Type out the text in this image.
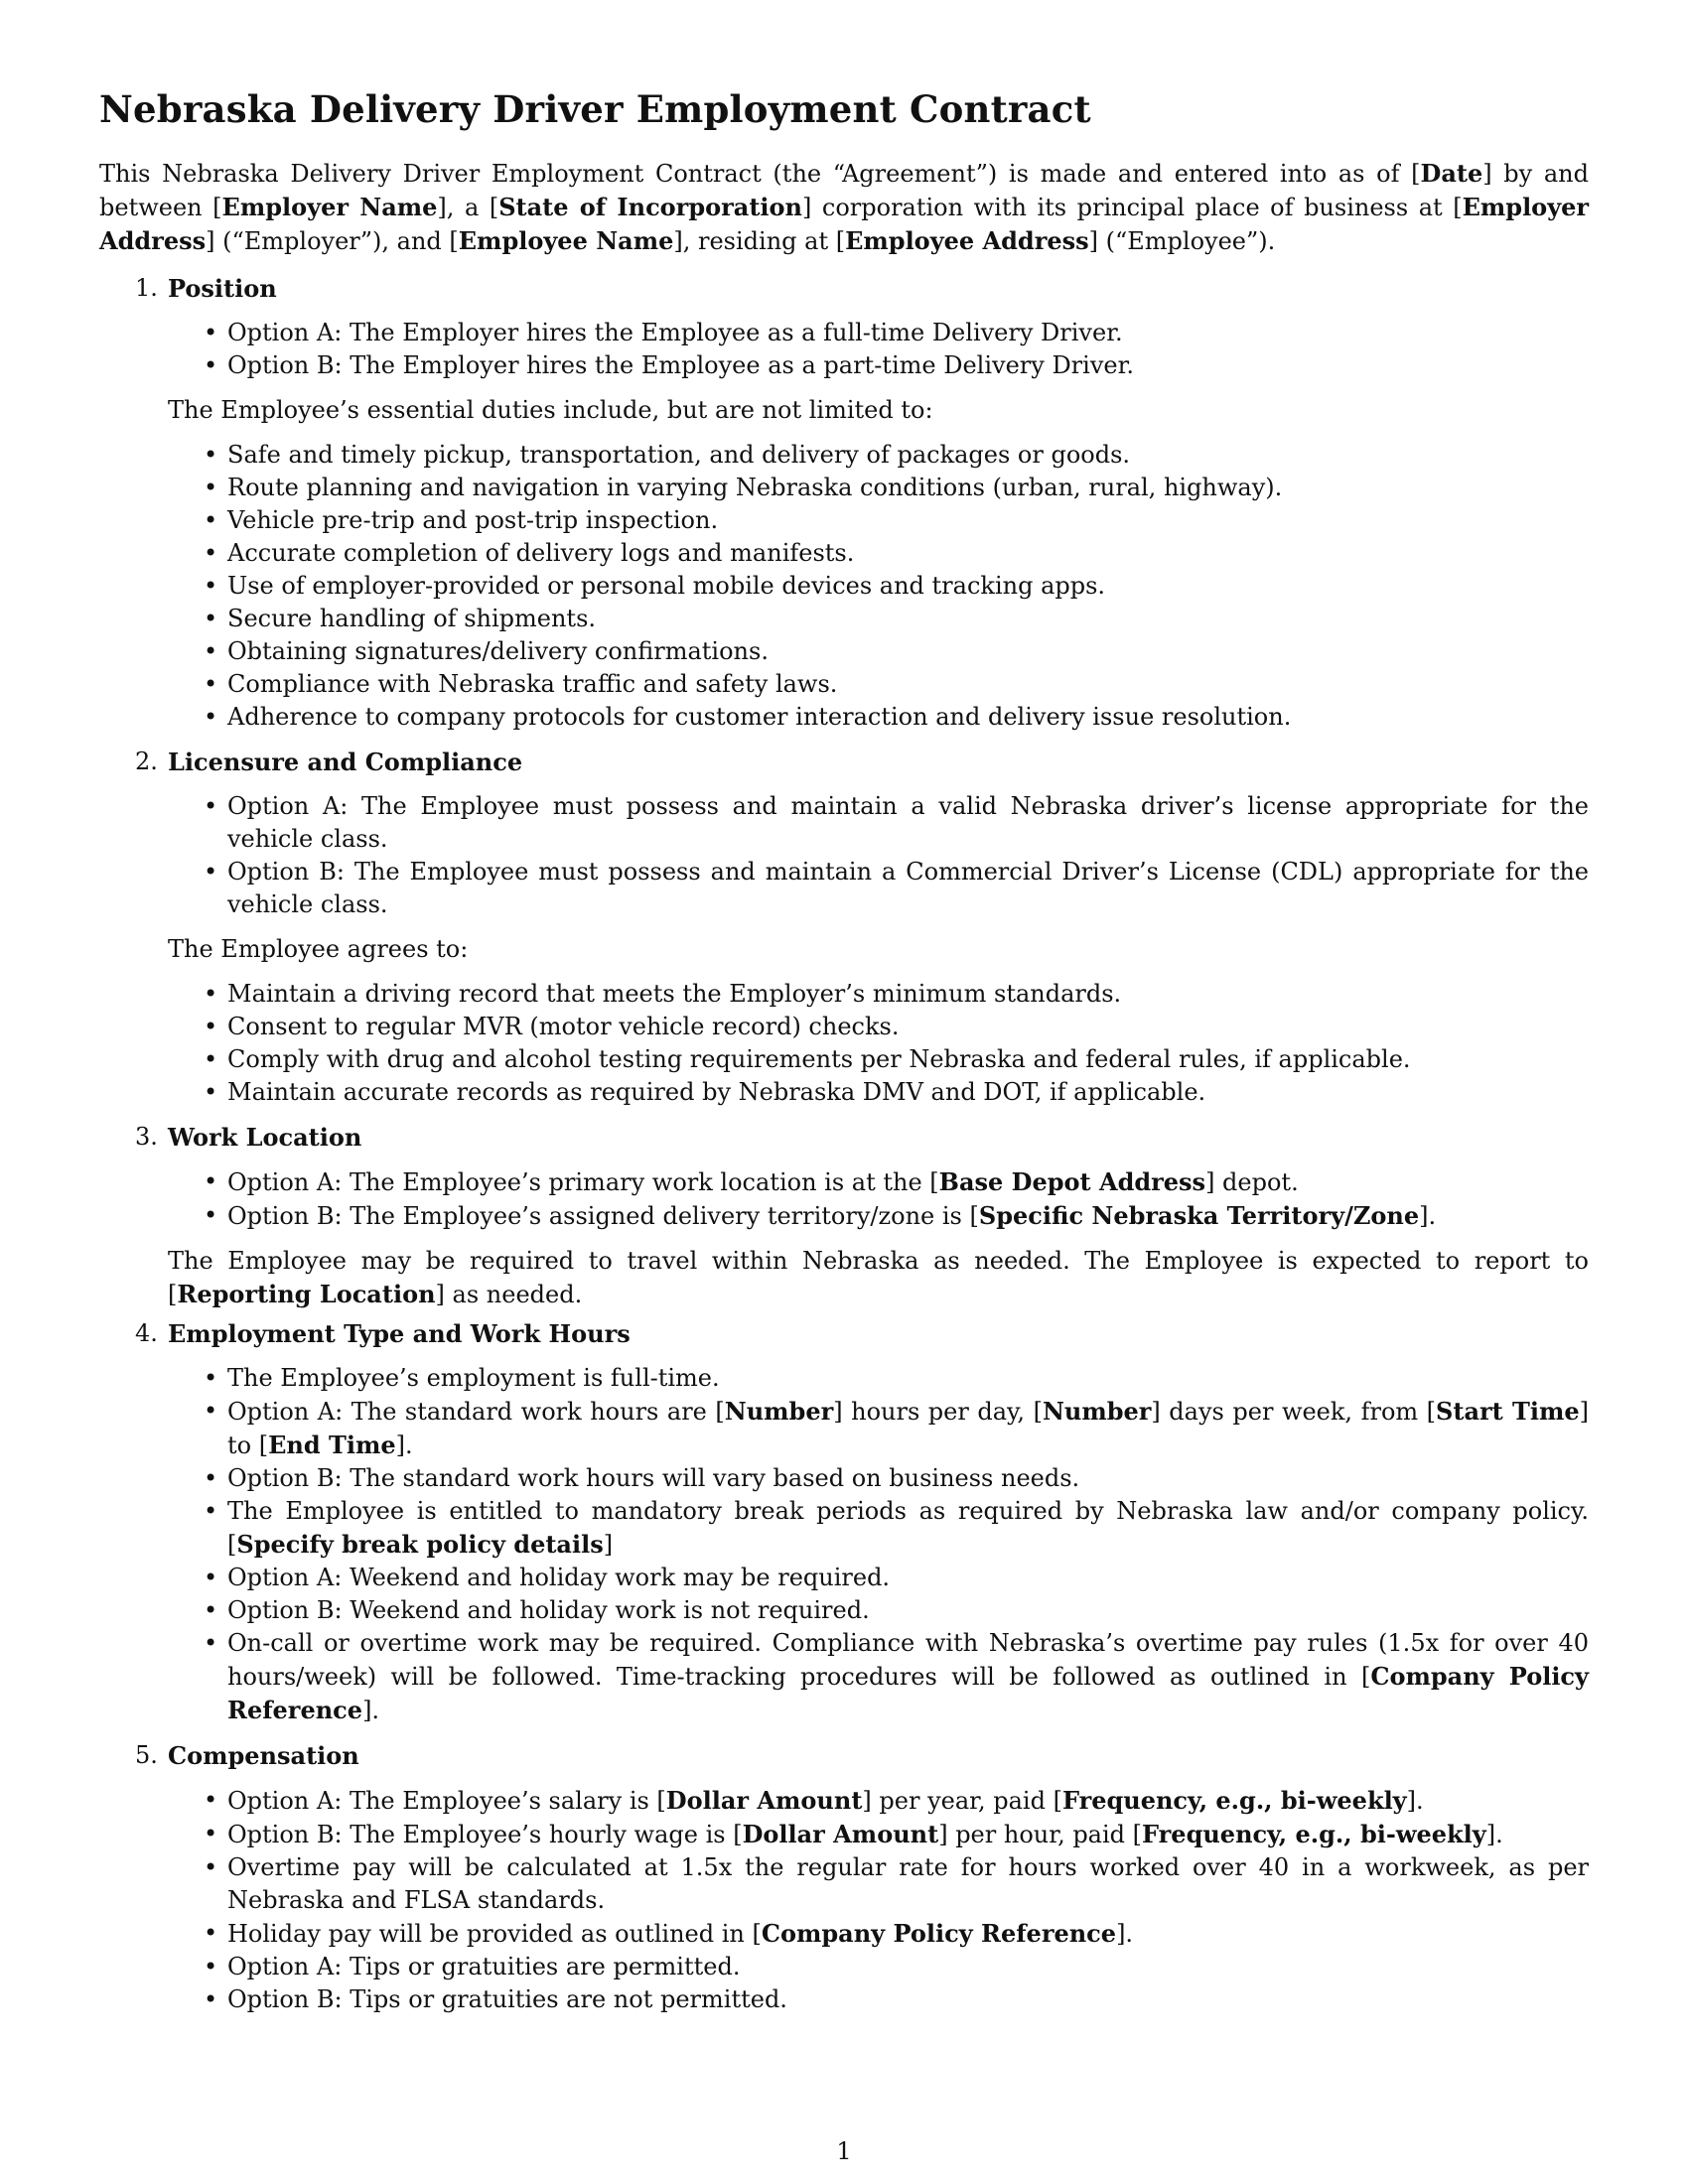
Nebraska Delivery Driver Employment Contract

This Nebraska Delivery Driver Employment Contract (the “Agreement”) is made and entered into as of [Date] by and between [Employer Name], a [State of Incorporation] corporation with its principal place of business at [Employer Address] (“Employer”), and [Employee Name], residing at [Employee Address] (“Employee”).

1. Position
• Option A: The Employer hires the Employee as a full-time Delivery Driver.
• Option B: The Employer hires the Employee as a part-time Delivery Driver.

The Employee’s essential duties include, but are not limited to:

• Safe and timely pickup, transportation, and delivery of packages or goods.
• Route planning and navigation in varying Nebraska conditions (urban, rural, highway).
• Vehicle pre-trip and post-trip inspection.
• Accurate completion of delivery logs and manifests.
• Use of employer-provided or personal mobile devices and tracking apps.
• Secure handling of shipments.
• Obtaining signatures/delivery confirmations.
• Compliance with Nebraska traffic and safety laws.
• Adherence to company protocols for customer interaction and delivery issue resolution.
2. Licensure and Compliance
• Option A: The Employee must possess and maintain a valid Nebraska driver’s license appropriate for the vehicle class.
• Option B: The Employee must possess and maintain a Commercial Driver’s License (CDL) appropriate for the vehicle class.

The Employee agrees to:

• Maintain a driving record that meets the Employer’s minimum standards.
• Consent to regular MVR (motor vehicle record) checks.
• Comply with drug and alcohol testing requirements per Nebraska and federal rules, if applicable.
• Maintain accurate records as required by Nebraska DMV and DOT, if applicable.
3. Work Location
• Option A: The Employee’s primary work location is at the [Base Depot Address] depot.
• Option B: The Employee’s assigned delivery territory/zone is [Specific Nebraska Territory/Zone].

The Employee may be required to travel within Nebraska as needed. The Employee is expected to report to [Reporting Location] as needed.

4. Employment Type and Work Hours
• The Employee’s employment is full-time.
• Option A: The standard work hours are [Number] hours per day, [Number] days per week, from [Start Time] to [End Time].
• Option B: The standard work hours will vary based on business needs.
• The Employee is entitled to mandatory break periods as required by Nebraska law and/or company policy. [Specify break policy details]
• Option A: Weekend and holiday work may be required.
• Option B: Weekend and holiday work is not required.
• On-call or overtime work may be required. Compliance with Nebraska’s overtime pay rules (1.5x for over 40 hours/week) will be followed. Time-tracking procedures will be followed as outlined in [Company Policy Reference].
5. Compensation
• Option A: The Employee’s salary is [Dollar Amount] per year, paid [Frequency, e.g., bi-weekly].
• Option B: The Employee’s hourly wage is [Dollar Amount] per hour, paid [Frequency, e.g., bi-weekly].
• Overtime pay will be calculated at 1.5x the regular rate for hours worked over 40 in a workweek, as per Nebraska and FLSA standards.
• Holiday pay will be provided as outlined in [Company Policy Reference].
• Option A: Tips or gratuities are permitted.
• Option B: Tips or gratuities are not permitted.
1
